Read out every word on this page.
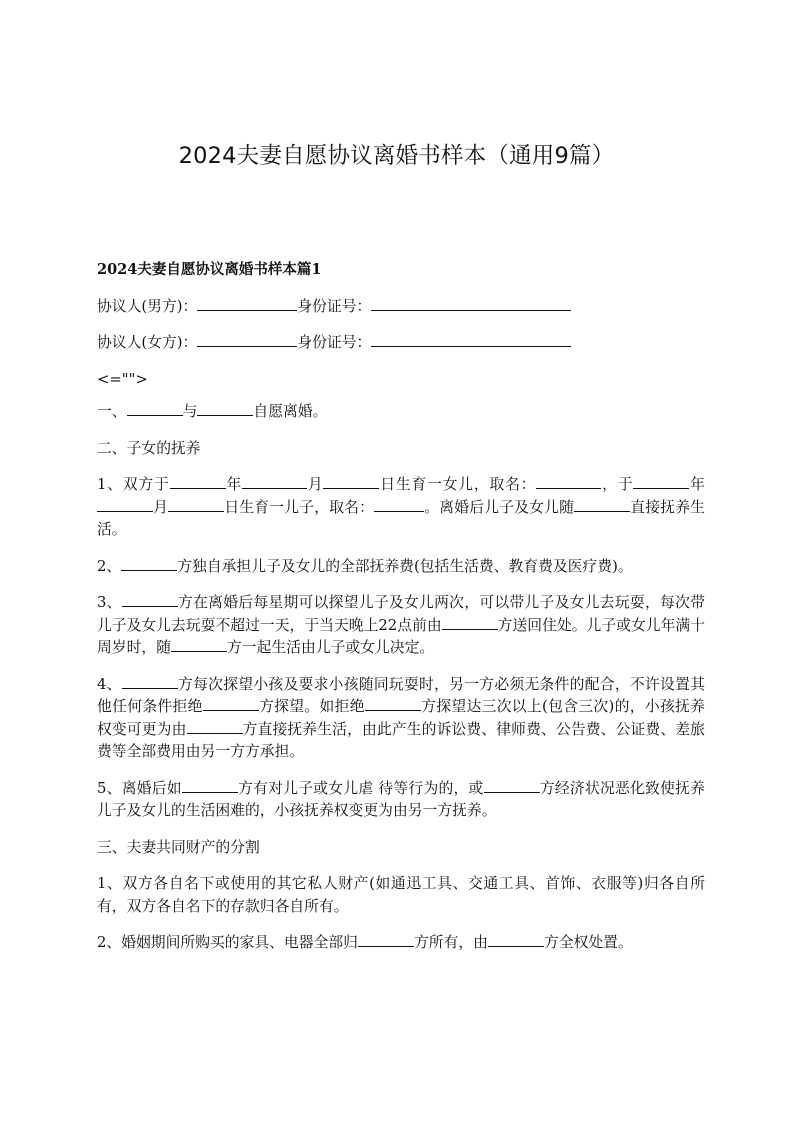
2024夫妻自愿协议离婚书样本（通用9篇）
2024夫妻自愿协议离婚书样本篇1

协议人(男方)：	身份证号：

协议人(女方)：	身份证号：

<="">

一、	与	自愿离婚。

二、子女的抚养

1、双方于	年	月	日生育一女儿，取名：	，于	年月	日生育一儿子，取名：	。离婚后儿子及女儿随	直接抚养生活。

2、	方独自承担儿子及女儿的全部抚养费(包括生活费、教育费及医疗费)。

3、	方在离婚后每星期可以探望儿子及女儿两次，可以带儿子及女儿去玩耍，每次带儿子及女儿去玩耍不超过一天，于当天晚上22点前由	方送回住处。儿子或女儿年满十周岁时，随	方一起生活由儿子或女儿决定。

4、	方每次探望小孩及要求小孩随同玩耍时，另一方必须无条件的配合，不许设置其他任何条件拒绝	方探望。如拒绝	方探望达三次以上(包含三次)的，小孩抚养权变可更为由	方直接抚养生活，由此产生的诉讼费、律师费、公告费、公证费、差旅费等全部费用由另一方方承担。

5、离婚后如	方有对儿子或女儿虐 待等行为的，或	方经济状况恶化致使抚养儿子及女儿的生活困难的，小孩抚养权变更为由另一方抚养。

三、夫妻共同财产的分割

1、双方各自名下或使用的其它私人财产(如通迅工具、交通工具、首饰、衣服等)归各自所有，双方各自名下的存款归各自所有。

2、婚姻期间所购买的家具、电器全部归	方所有，由	方全权处置。
